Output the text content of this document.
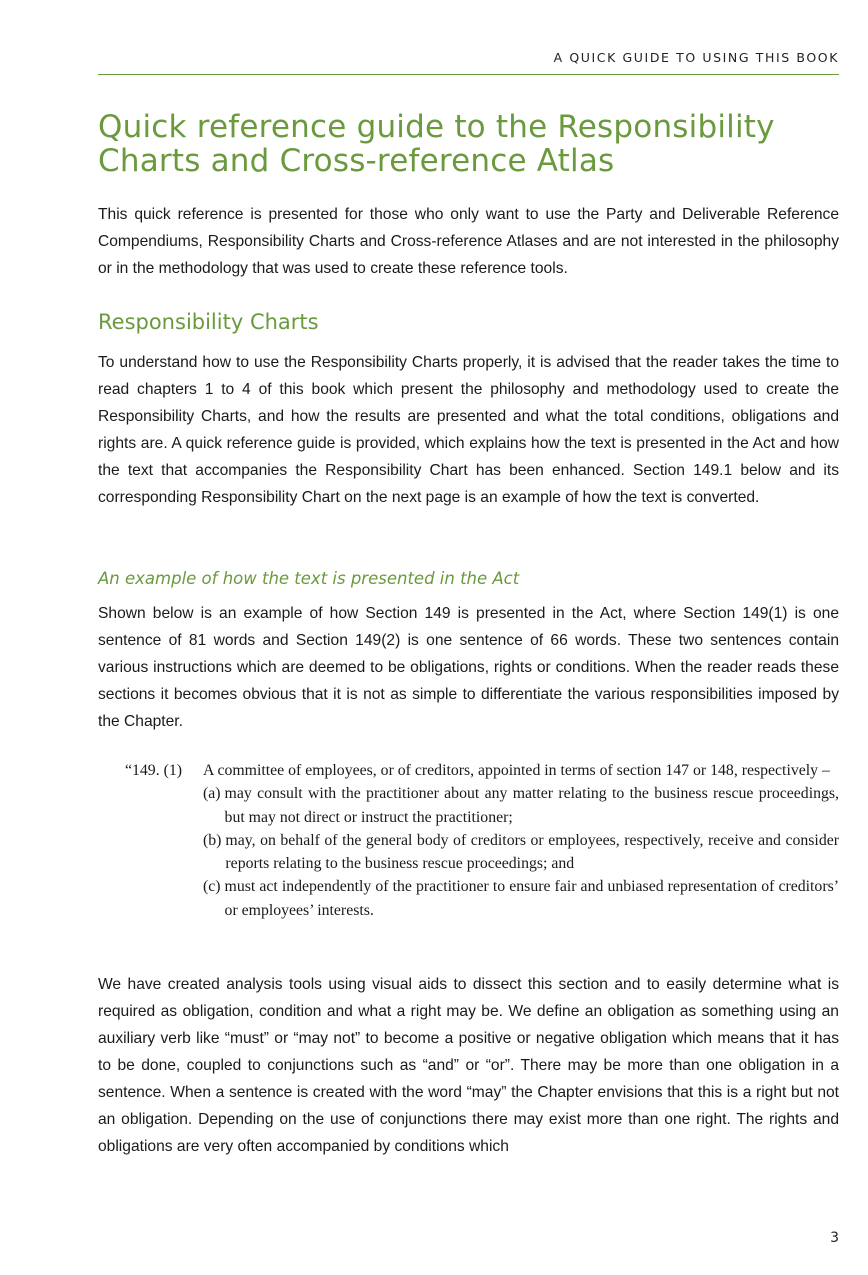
A QUICK GUIDE TO USING THIS BOOK
Quick reference guide to the Responsibility Charts and Cross-reference Atlas

This quick reference is presented for those who only want to use the Party and Deliverable Reference Compendiums, Responsibility Charts and Cross-reference Atlases and are not interested in the philosophy or in the methodology that was used to create these reference tools.

Responsibility Charts

To understand how to use the Responsibility Charts properly, it is advised that the reader takes the time to read chapters 1 to 4 of this book which present the philosophy and methodology used to create the Responsibility Charts, and how the results are presented and what the total conditions, obligations and rights are. A quick reference guide is provided, which explains how the text is presented in the Act and how the text that accompanies the Responsibility Chart has been enhanced. Section 149.1 below and its corresponding Responsibility Chart on the next page is an example of how the text is converted.

An example of how the text is presented in the Act

Shown below is an example of how Section 149 is presented in the Act, where Section 149(1) is one sentence of 81 words and Section 149(2) is one sentence of 66 words. These two sentences contain various instructions which are deemed to be obligations, rights or conditions. When the reader reads these sections it becomes obvious that it is not as simple to differentiate the various responsibilities imposed by the Chapter.

“149. (1) A committee of employees, or of creditors, appointed in terms of section 147 or 148, respectively –
(a) may consult with the practitioner about any matter relating to the business rescue proceedings, but may not direct or instruct the practitioner;
(b) may, on behalf of the general body of creditors or employees, respectively, receive and consider reports relating to the business rescue proceedings; and
(c) must act independently of the practitioner to ensure fair and unbiased representation of creditors’ or employees’ interests.

We have created analysis tools using visual aids to dissect this section and to easily determine what is required as obligation, condition and what a right may be. We define an obligation as something using an auxiliary verb like “must” or “may not” to become a positive or negative obligation which means that it has to be done, coupled to conjunctions such as “and” or “or”. There may be more than one obligation in a sentence. When a sentence is created with the word “may” the Chapter envisions that this is a right but not an obligation. Depending on the use of conjunctions there may exist more than one right. The rights and obligations are very often accompanied by conditions which

3
